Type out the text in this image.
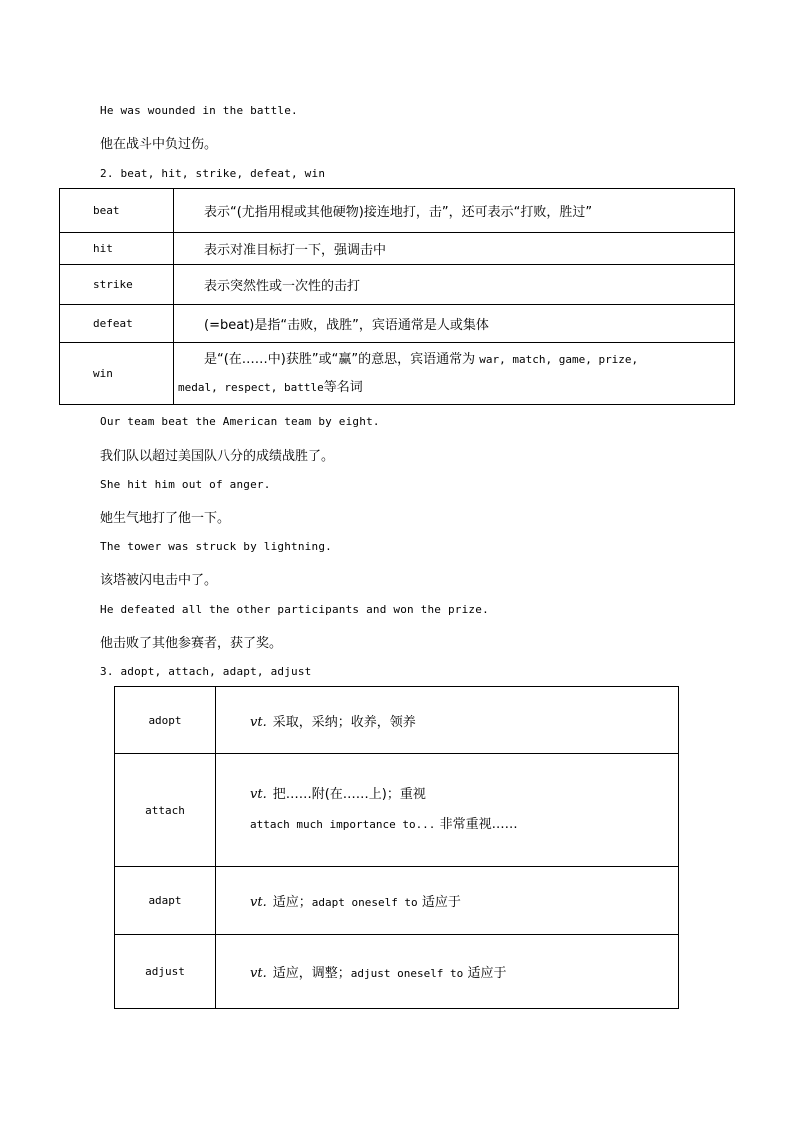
He was wounded in the battle.
他在战斗中负过伤。
2. beat, hit, strike, defeat, win
beat	表示“(尤指用棍或其他硬物)接连地打，击”，还可表示“打败，胜过”
hit	表示对准目标打一下，强调击中
strike	表示突然性或一次性的击打
defeat	(=beat)是指“击败，战胜”，宾语通常是人或集体
win	是“(在……中)获胜”或“赢”的意思，宾语通常为 war, match, game, prize,
medal, respect, battle等名词
Our team beat the American team by eight.
我们队以超过美国队八分的成绩战胜了。
She hit him out of anger.
她生气地打了他一下。
The tower was struck by lightning.
该塔被闪电击中了。
He defeated all the other participants and won the prize.
他击败了其他参赛者，获了奖。
3. adopt, attach, adapt, adjust
adopt	vt. 采取，采纳；收养，领养
attach	vt. 把……附(在……上)；重视
attach much importance to... 非常重视……

adapt	vt. 适应；adapt oneself to 适应于
adjust	vt. 适应，调整；adjust oneself to 适应于
